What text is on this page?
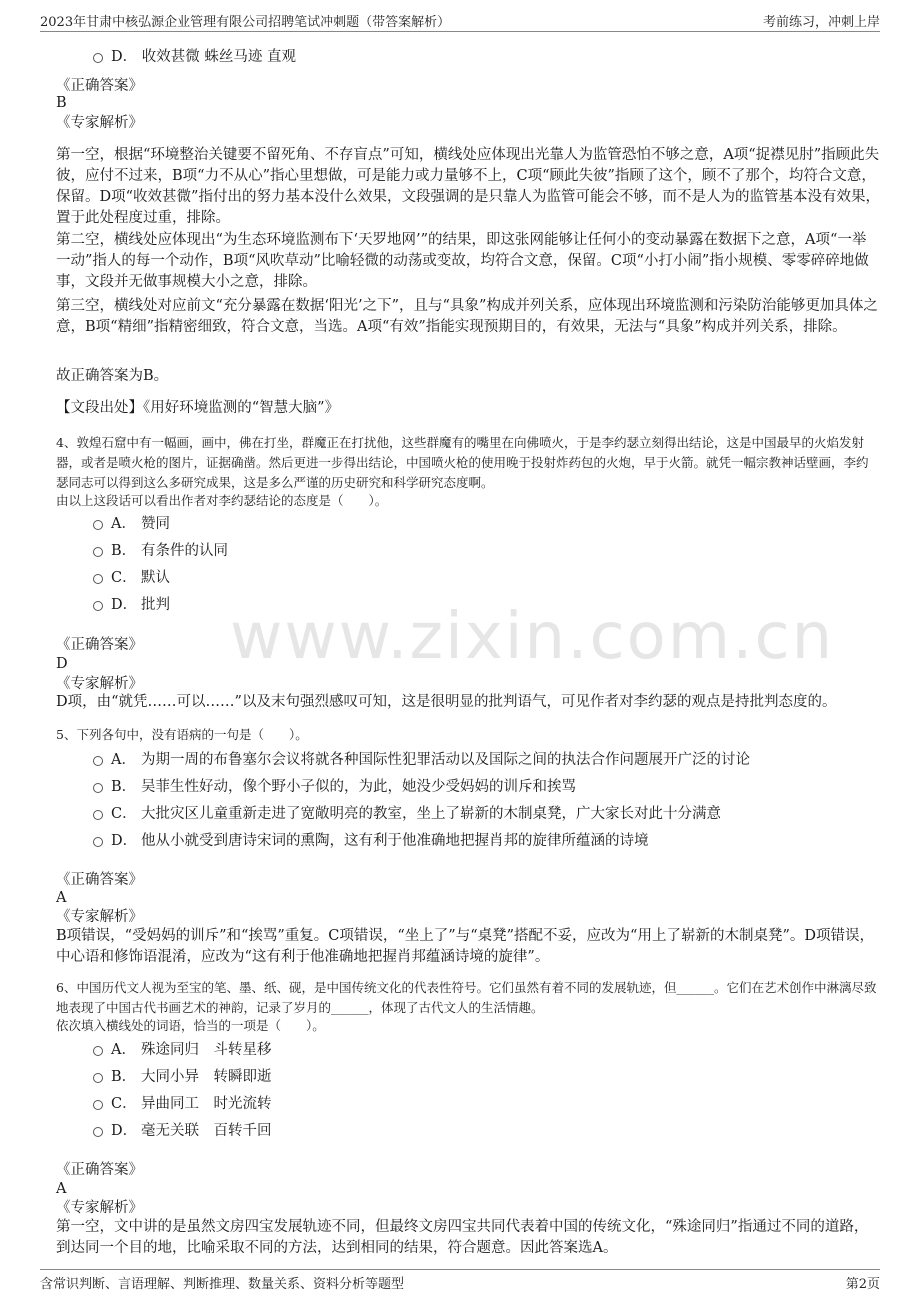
2023年甘肃中核弘源企业管理有限公司招聘笔试冲刺题（带答案解析）	考前练习，冲刺上岸
www.zixin.com.cn
D． 收效甚微 蛛丝马迹 直观
《正确答案》
B
《专家解析》
第一空，根据“环境整治关键要不留死角、不存盲点”可知，横线处应体现出光靠人为监管恐怕不够之意，A项“捉襟见肘”指顾此失彼，应付不过来，B项“力不从心”指心里想做，可是能力或力量够不上，C项“顾此失彼”指顾了这个，顾不了那个，均符合文意，保留。D项“收效甚微”指付出的努力基本没什么效果，文段强调的是只靠人为监管可能会不够，而不是人为的监管基本没有效果，置于此处程度过重，排除。
第二空，横线处应体现出“为生态环境监测布下‘天罗地网’”的结果，即这张网能够让任何小的变动暴露在数据下之意，A项“一举一动”指人的每一个动作，B项“风吹草动”比喻轻微的动荡或变故，均符合文意，保留。C项“小打小闹”指小规模、零零碎碎地做事，文段并无做事规模大小之意，排除。
第三空，横线处对应前文“充分暴露在数据‘阳光’之下”，且与“具象”构成并列关系，应体现出环境监测和污染防治能够更加具体之意，B项“精细”指精密细致，符合文意，当选。A项“有效”指能实现预期目的，有效果，无法与“具象”构成并列关系，排除。
故正确答案为B。
【文段出处】《用好环境监测的“智慧大脑”》
4、敦煌石窟中有一幅画，画中，佛在打坐，群魔正在打扰他，这些群魔有的嘴里在向佛喷火，于是李约瑟立刻得出结论，这是中国最早的火焰发射器，或者是喷火枪的图片，证据确凿。然后更进一步得出结论，中国喷火枪的使用晚于投射炸药包的火炮，早于火箭。就凭一幅宗教神话壁画，李约瑟同志可以得到这么多研究成果，这是多么严谨的历史研究和科学研究态度啊。
由以上这段话可以看出作者对李约瑟结论的态度是（　　）。
A． 赞同
B． 有条件的认同
C． 默认
D． 批判
《正确答案》
D
《专家解析》
D项，由“就凭……可以……”以及末句强烈感叹可知，这是很明显的批判语气，可见作者对李约瑟的观点是持批判态度的。
5、下列各句中，没有语病的一句是（　　）。
A． 为期一周的布鲁塞尔会议将就各种国际性犯罪活动以及国际之间的执法合作问题展开广泛的讨论
B． 吴菲生性好动，像个野小子似的，为此，她没少受妈妈的训斥和挨骂
C． 大批灾区儿童重新走进了宽敞明亮的教室，坐上了崭新的木制桌凳，广大家长对此十分满意
D． 他从小就受到唐诗宋词的熏陶，这有利于他准确地把握肖邦的旋律所蕴涵的诗境
《正确答案》
A
《专家解析》
B项错误，“受妈妈的训斥”和“挨骂”重复。C项错误，“坐上了”与“桌凳”搭配不妥，应改为“用上了崭新的木制桌凳”。D项错误，中心语和修饰语混淆，应改为“这有利于他准确地把握肖邦蕴涵诗境的旋律”。
6、中国历代文人视为至宝的笔、墨、纸、砚，是中国传统文化的代表性符号。它们虽然有着不同的发展轨迹，但______。它们在艺术创作中淋漓尽致地表现了中国古代书画艺术的神韵，记录了岁月的______，体现了古代文人的生活情趣。
依次填入横线处的词语，恰当的一项是（　　）。
A． 殊途同归　斗转星移
B． 大同小异　转瞬即逝
C． 异曲同工　时光流转
D． 毫无关联　百转千回
《正确答案》
A
《专家解析》
第一空，文中讲的是虽然文房四宝发展轨迹不同，但最终文房四宝共同代表着中国的传统文化，“殊途同归”指通过不同的道路，到达同一个目的地，比喻采取不同的方法，达到相同的结果，符合题意。因此答案选A。
含常识判断、言语理解、判断推理、数量关系、资料分析等题型	第2页
